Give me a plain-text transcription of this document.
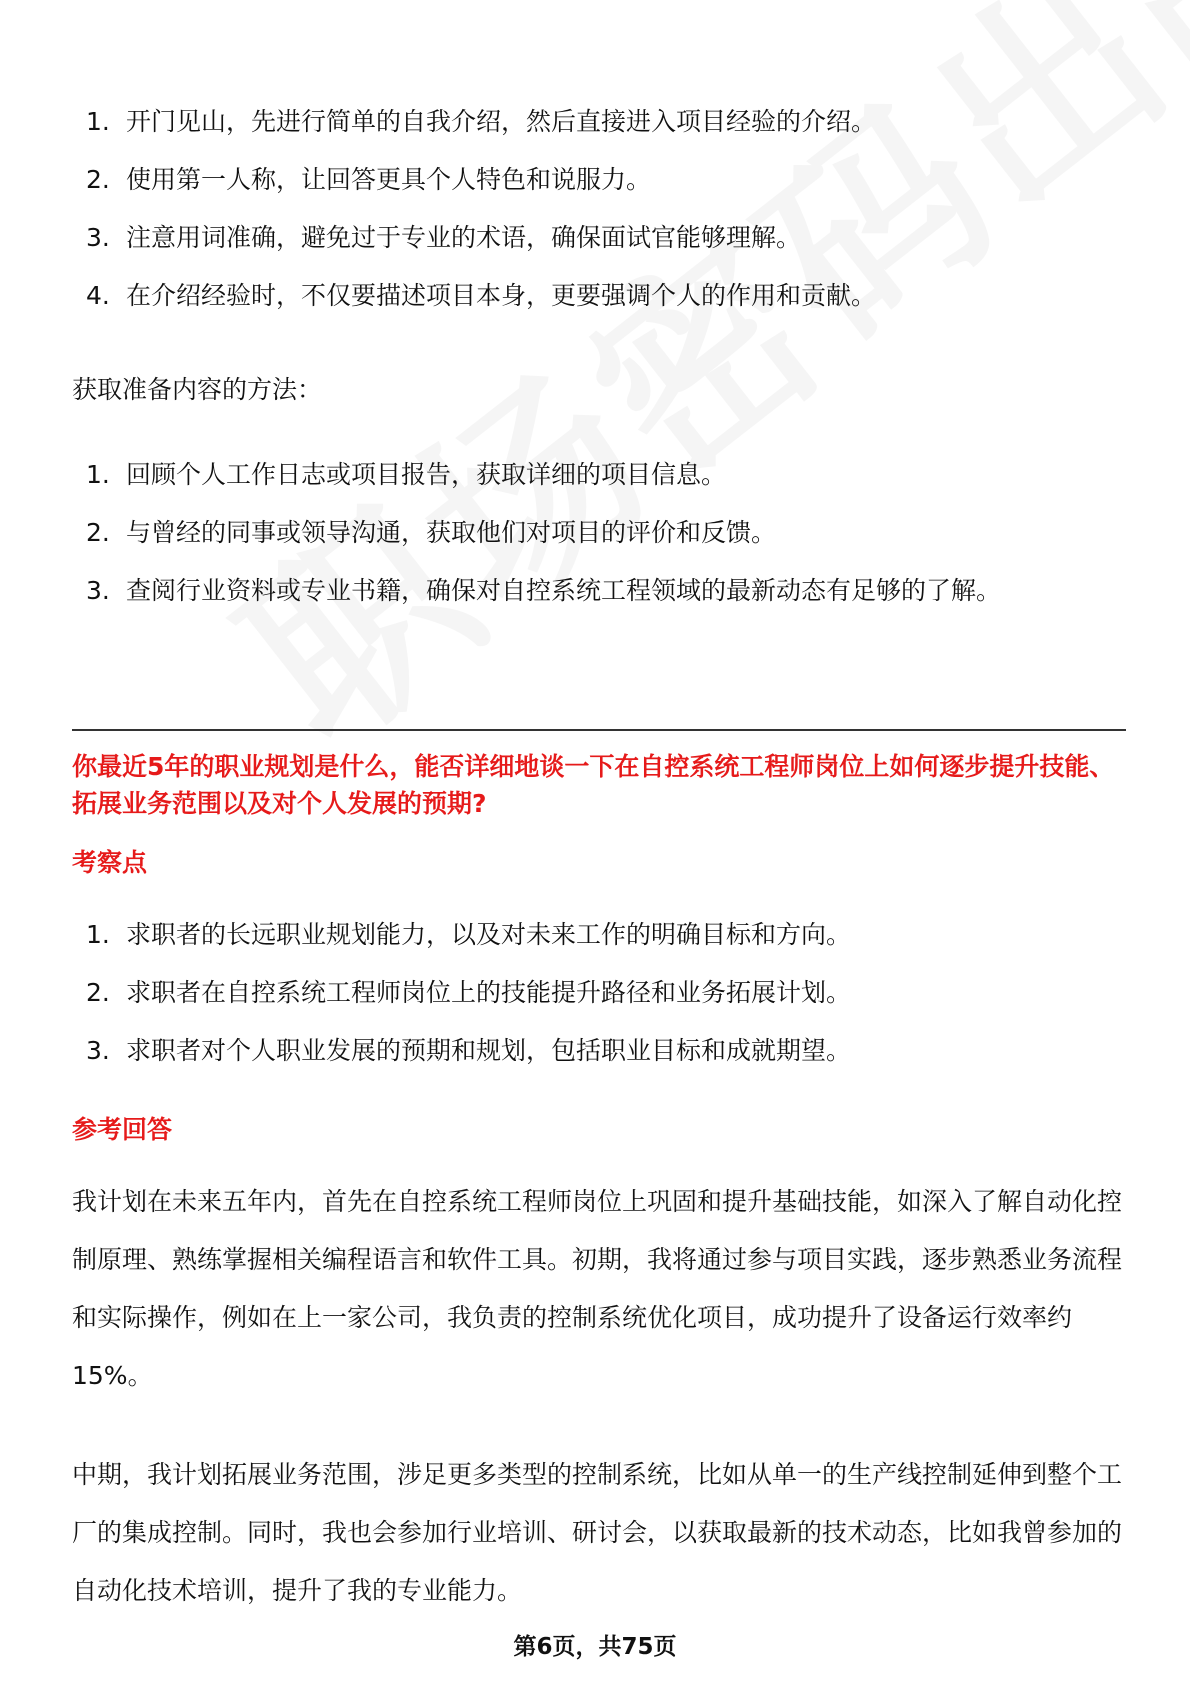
1. 开门见山，先进行简单的自我介绍，然后直接进入项目经验的介绍。
2. 使用第一人称，让回答更具个人特色和说服力。
3. 注意用词准确，避免过于专业的术语，确保面试官能够理解。
4. 在介绍经验时，不仅要描述项目本身，更要强调个人的作用和贡献。

获取准备内容的方法：

1. 回顾个人工作日志或项目报告，获取详细的项目信息。
2. 与曾经的同事或领导沟通，获取他们对项目的评价和反馈。
3. 查阅行业资料或专业书籍，确保对自控系统工程领域的最新动态有足够的了解。

你最近5年的职业规划是什么，能否详细地谈一下在自控系统工程师岗位上如何逐步提升技能、拓展业务范围以及对个人发展的预期?

考察点

1. 求职者的长远职业规划能力，以及对未来工作的明确目标和方向。
2. 求职者在自控系统工程师岗位上的技能提升路径和业务拓展计划。
3. 求职者对个人职业发展的预期和规划，包括职业目标和成就期望。

参考回答

我计划在未来五年内，首先在自控系统工程师岗位上巩固和提升基础技能，如深入了解自动化控制原理、熟练掌握相关编程语言和软件工具。初期，我将通过参与项目实践，逐步熟悉业务流程和实际操作，例如在上一家公司，我负责的控制系统优化项目，成功提升了设备运行效率约15%。

中期，我计划拓展业务范围，涉足更多类型的控制系统，比如从单一的生产线控制延伸到整个工厂的集成控制。同时，我也会参加行业培训、研讨会，以获取最新的技术动态，比如我曾参加的自动化技术培训，提升了我的专业能力。

第6页，共75页
